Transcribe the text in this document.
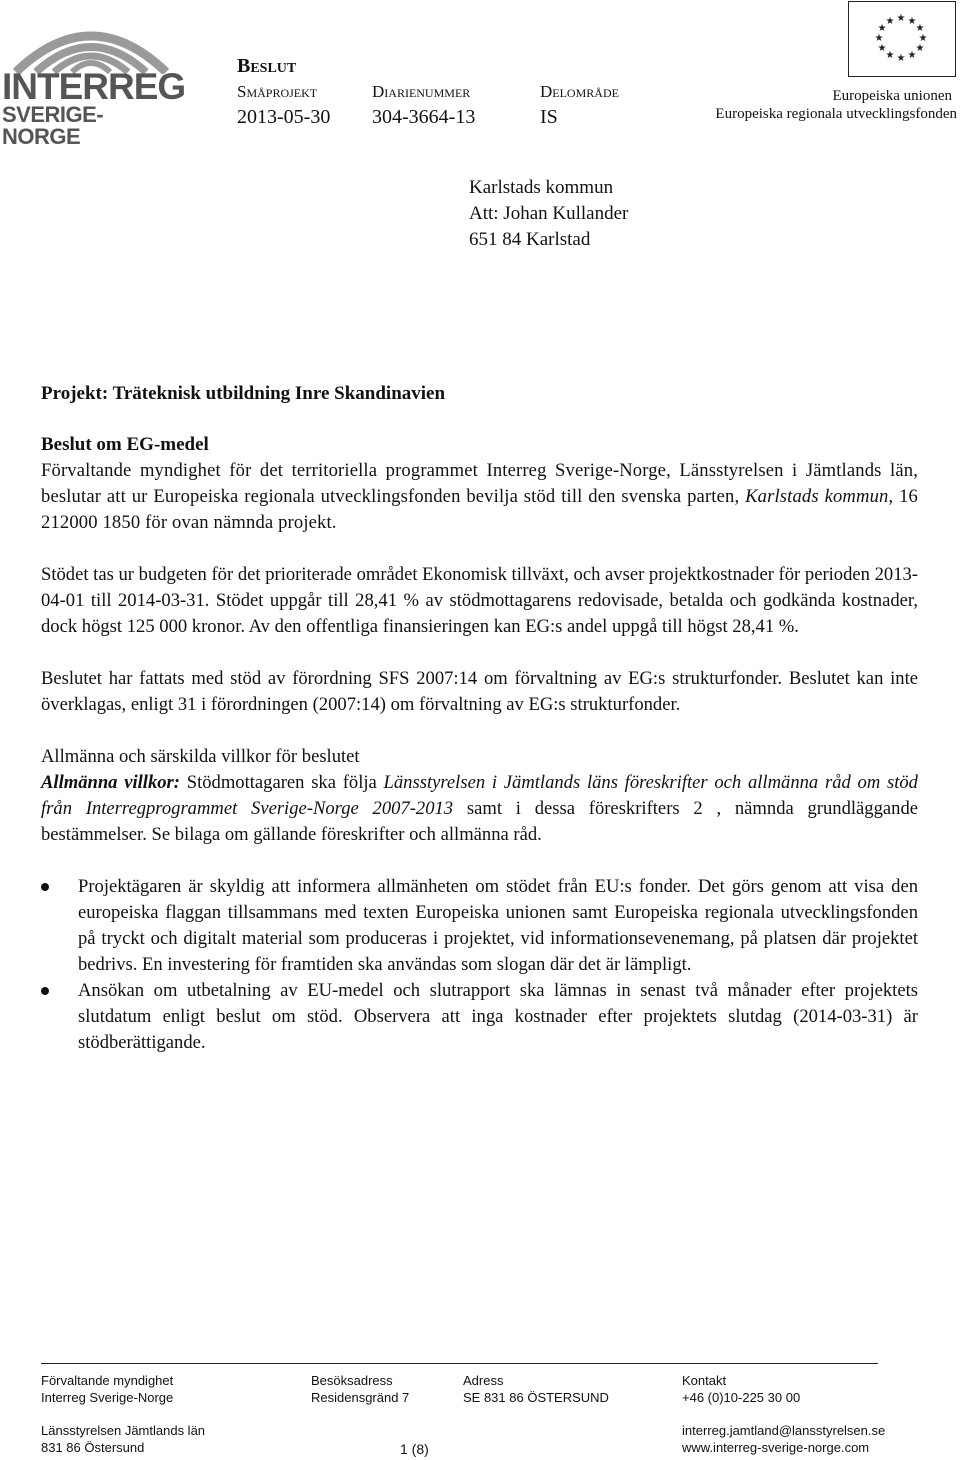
INTERREG
SVERIGE-NORGE
Beslut
Småprojekt
2013-05-30
Diarienummer
304-3664-13
Delområde
IS
★ ★
★
★
★
★
★
★
★
★
★
★
Europeiska unionen
Europeiska regionala utvecklingsfonden
Karlstads kommun
Att: Johan Kullander
651 84 Karlstad
Projekt: Träteknisk utbildning Inre Skandinavien
Beslut om EG-medel
Förvaltande myndighet för det territoriella programmet Interreg Sverige-Norge, Länsstyrelsen i Jämtlands län, beslutar att ur Europeiska regionala utvecklingsfonden bevilja stöd till den svenska parten, Karlstads kommun, 16 212000 1850 för ovan nämnda projekt.
Stödet tas ur budgeten för det prioriterade området Ekonomisk tillväxt, och avser projektkostnader för perioden 2013-04-01 till 2014-03-31. Stödet uppgår till 28,41 % av stödmottagarens redovisade, betalda och godkända kostnader, dock högst 125 000 kronor. Av den offentliga finansieringen kan EG:s andel uppgå till högst 28,41 %.
Beslutet har fattats med stöd av förordning SFS 2007:14 om förvaltning av EG:s strukturfonder. Beslutet kan inte överklagas, enligt 31 i förordningen (2007:14) om förvaltning av EG:s strukturfonder.
Allmänna och särskilda villkor för beslutet
Allmänna villkor: Stödmottagaren ska följa Länsstyrelsen i Jämtlands läns föreskrifter och allmänna råd om stöd från Interregprogrammet Sverige-Norge 2007-2013 samt i dessa föreskrifters 2 , nämnda grundläggande bestämmelser. Se bilaga om gällande föreskrifter och allmänna råd.
Projektägaren är skyldig att informera allmänheten om stödet från EU:s fonder. Det görs genom att visa den europeiska flaggan tillsammans med texten Europeiska unionen samt Europeiska regionala utvecklingsfonden på tryckt och digitalt material som produceras i projektet, vid informationsevenemang, på platsen där projektet bedrivs. En investering för framtiden ska användas som slogan där det är lämpligt.
Ansökan om utbetalning av EU-medel och slutrapport ska lämnas in senast två månader efter projektets slutdatum enligt beslut om stöd. Observera att inga kostnader efter projektets slutdag (2014-03-31) är stödberättigande.
Förvaltande myndighet
Interreg Sverige-Norge
Länsstyrelsen Jämtlands län
831 86 Östersund
Besöksadress
Residensgränd 7
Adress
SE 831 86 ÖSTERSUND
Kontakt
+46 (0)10-225 30 00
interreg.jamtland@lansstyrelsen.se
www.interreg-sverige-norge.com
1 (8)
